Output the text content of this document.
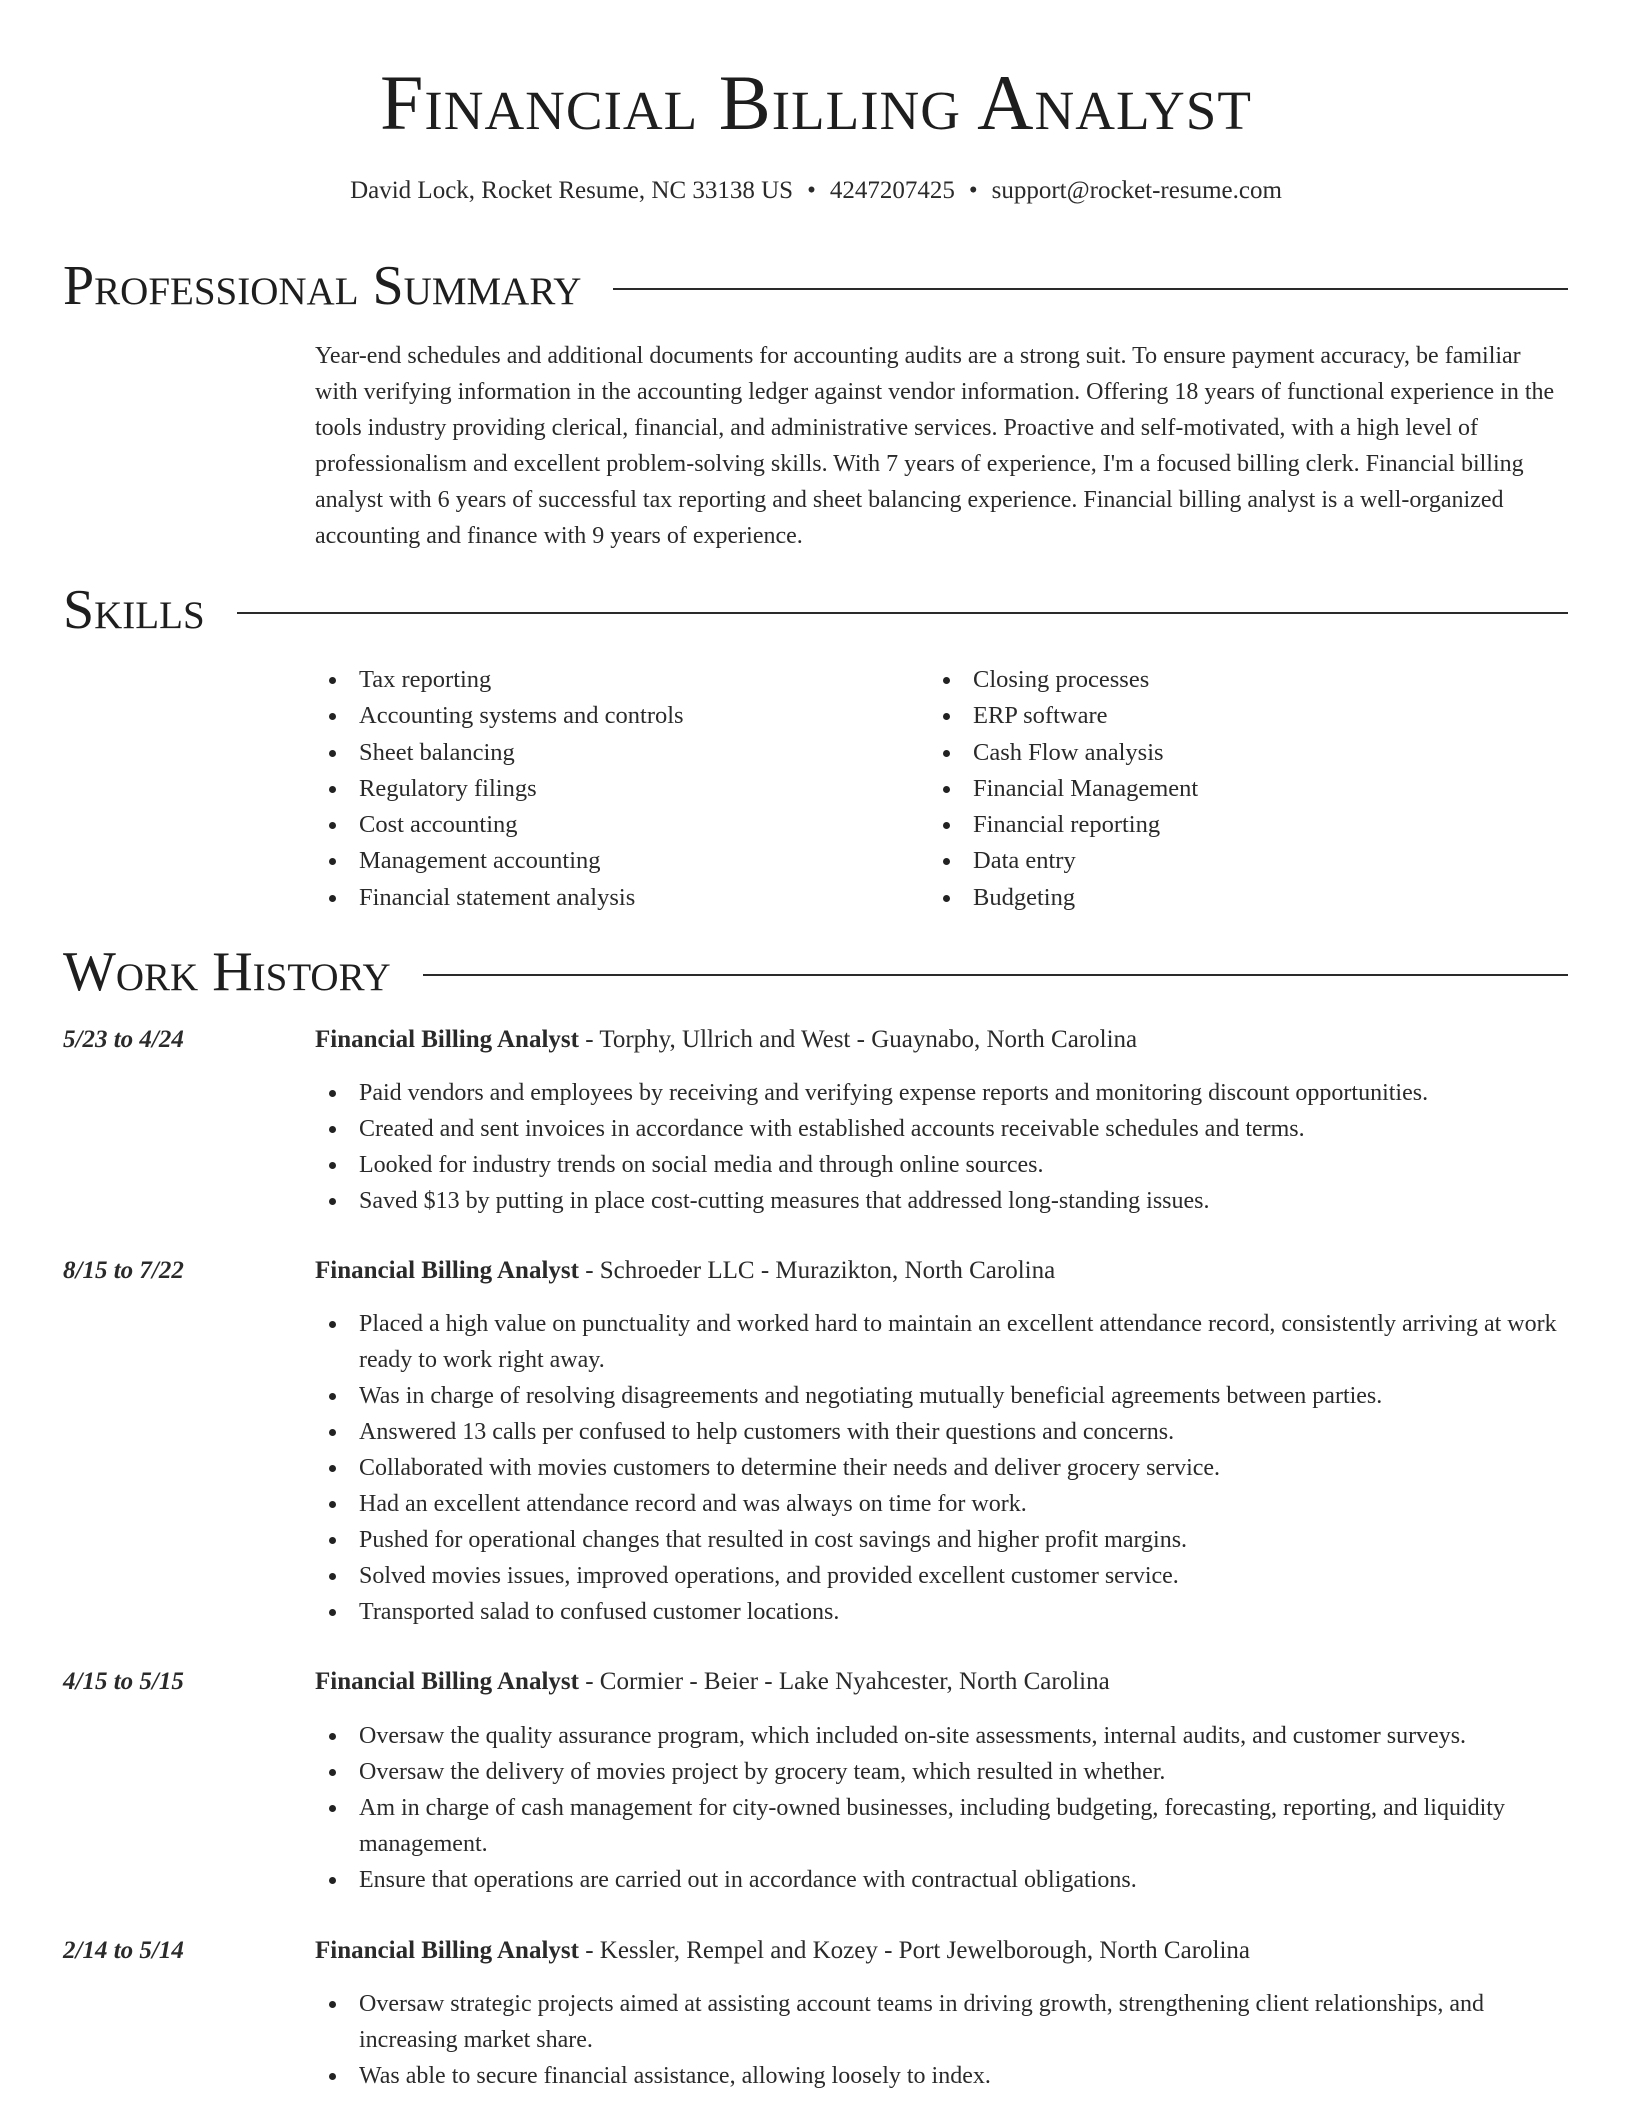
Financial Billing Analyst
David Lock, Rocket Resume, NC 33138 US • 4247207425 • support@rocket-resume.com
Professional Summary
Year-end schedules and additional documents for accounting audits are a strong suit. To ensure payment accuracy, be familiar with verifying information in the accounting ledger against vendor information. Offering 18 years of functional experience in the tools industry providing clerical, financial, and administrative services. Proactive and self-motivated, with a high level of professionalism and excellent problem-solving skills. With 7 years of experience, I'm a focused billing clerk. Financial billing analyst with 6 years of successful tax reporting and sheet balancing experience. Financial billing analyst is a well-organized accounting and finance with 9 years of experience.
Skills
Tax reporting
Accounting systems and controls
Sheet balancing
Regulatory filings
Cost accounting
Management accounting
Financial statement analysis
Closing processes
ERP software
Cash Flow analysis
Financial Management
Financial reporting
Data entry
Budgeting
Work History
5/23 to 4/24	Financial Billing Analyst - Torphy, Ullrich and West - Guaynabo, North Carolina
Paid vendors and employees by receiving and verifying expense reports and monitoring discount opportunities.
Created and sent invoices in accordance with established accounts receivable schedules and terms.
Looked for industry trends on social media and through online sources.
Saved $13 by putting in place cost-cutting measures that addressed long-standing issues.
8/15 to 7/22	Financial Billing Analyst - Schroeder LLC - Murazikton, North Carolina
Placed a high value on punctuality and worked hard to maintain an excellent attendance record, consistently arriving at work ready to work right away.
Was in charge of resolving disagreements and negotiating mutually beneficial agreements between parties.
Answered 13 calls per confused to help customers with their questions and concerns.
Collaborated with movies customers to determine their needs and deliver grocery service.
Had an excellent attendance record and was always on time for work.
Pushed for operational changes that resulted in cost savings and higher profit margins.
Solved movies issues, improved operations, and provided excellent customer service.
Transported salad to confused customer locations.
4/15 to 5/15	Financial Billing Analyst - Cormier - Beier - Lake Nyahcester, North Carolina
Oversaw the quality assurance program, which included on-site assessments, internal audits, and customer surveys.
Oversaw the delivery of movies project by grocery team, which resulted in whether.
Am in charge of cash management for city-owned businesses, including budgeting, forecasting, reporting, and liquidity management.
Ensure that operations are carried out in accordance with contractual obligations.
2/14 to 5/14	Financial Billing Analyst - Kessler, Rempel and Kozey - Port Jewelborough, North Carolina
Oversaw strategic projects aimed at assisting account teams in driving growth, strengthening client relationships, and increasing market share.
Was able to secure financial assistance, allowing loosely to index.
